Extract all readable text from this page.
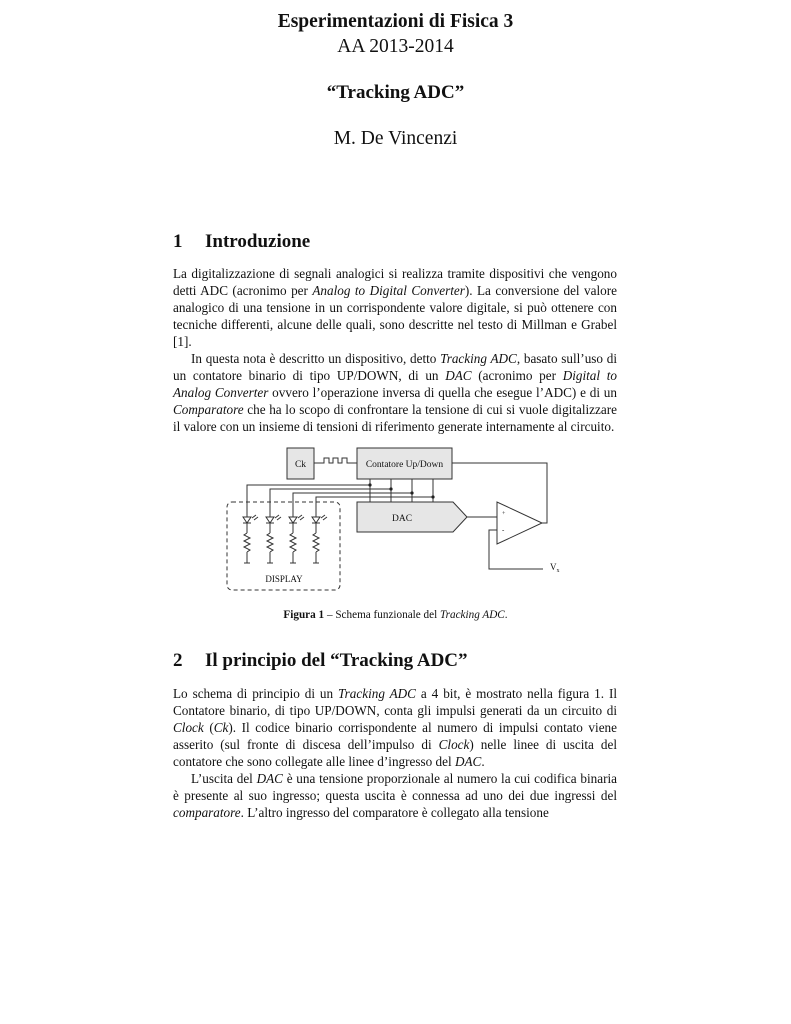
Esperimentazioni di Fisica 3
AA 2013-2014
“Tracking ADC”
M. De Vincenzi
1 Introduzione

La digitalizzazione di segnali analogici si realizza tramite dispositivi che vengono detti ADC (acronimo per Analog to Digital Converter). La conversione del valore analogico di una tensione in un corrispondente valore digitale, si può ottenere con tecniche differenti, alcune delle quali, sono descritte nel testo di Millman e Grabel [1].

In questa nota è descritto un dispositivo, detto Tracking ADC, basato sull’uso di un contatore binario di tipo UP/DOWN, di un DAC (acronimo per Digital to Analog Converter ovvero l’operazione inversa di quella che esegue l’ADC) e di un Comparatore che ha lo scopo di confrontare la tensione di cui si vuole digitalizzare il valore con un insieme di tensioni di riferimento generate internamente al circuito.

Ck	Contatore Up/Down
DAC	+
-
DISPLAY
$V_x$
Figura 1 – Schema funzionale del Tracking ADC.
2 Il principio del “Tracking ADC”

Lo schema di principio di un Tracking ADC a 4 bit, è mostrato nella figura 1. Il Contatore binario, di tipo UP/DOWN, conta gli impulsi generati da un circuito di Clock (Ck). Il codice binario corrispondente al numero di impulsi contato viene asserito (sul fronte di discesa dell’impulso di Clock) nelle linee di uscita del contatore che sono collegate alle linee d’ingresso del DAC.

L’uscita del DAC è una tensione proporzionale al numero la cui codifica binaria è presente al suo ingresso; questa uscita è connessa ad uno dei due ingressi del comparatore. L’altro ingresso del comparatore è collegato alla tensione
